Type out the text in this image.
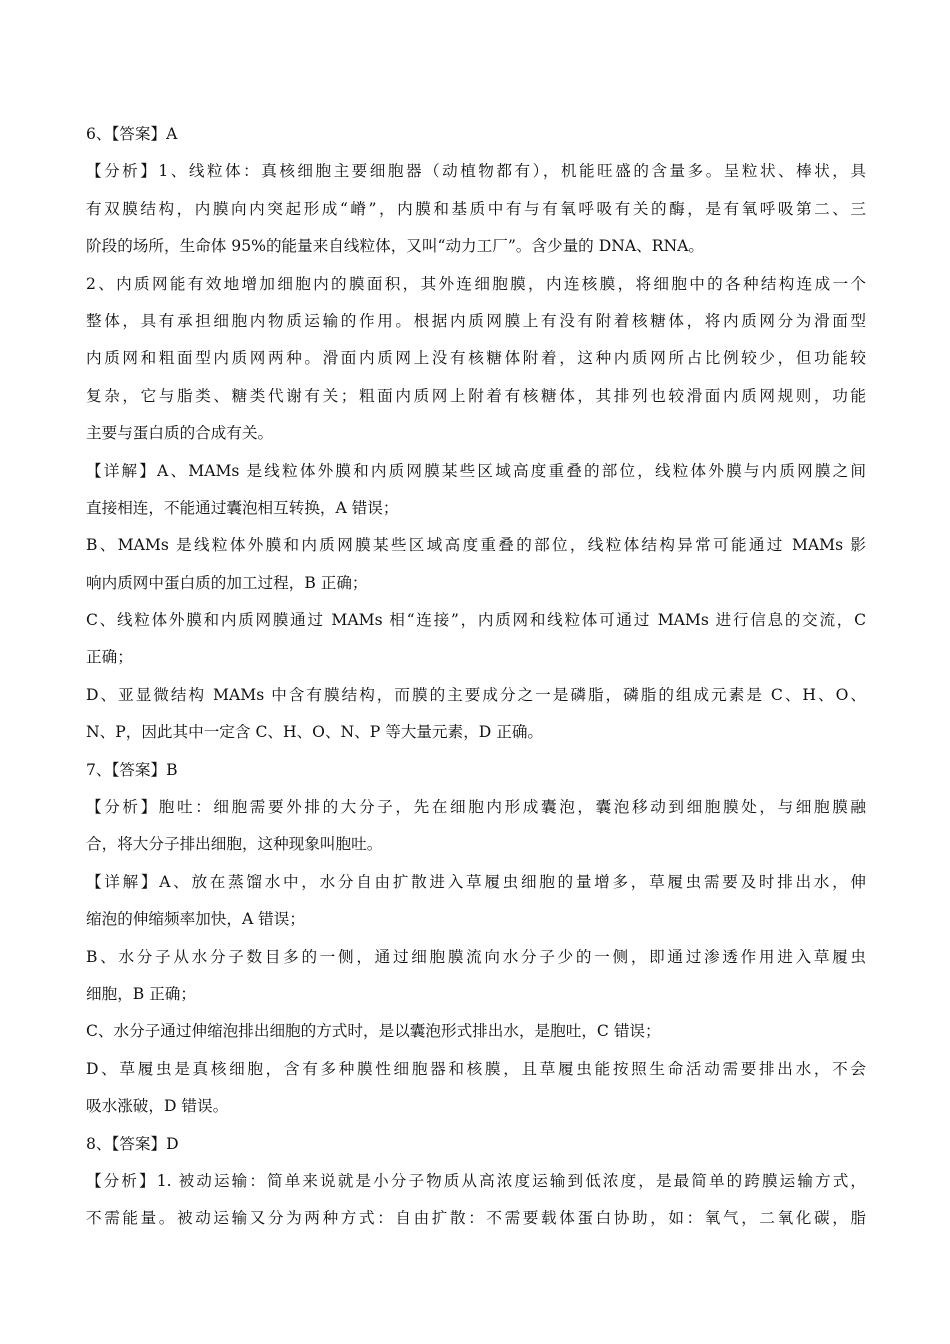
6、【答案】A
【分析】1、线粒体：真核细胞主要细胞器（动植物都有），机能旺盛的含量多。呈粒状、棒状，具
有双膜结构，内膜向内突起形成“嵴”，内膜和基质中有与有氧呼吸有关的酶，是有氧呼吸第二、三
阶段的场所，生命体 95%的能量来自线粒体，又叫“动力工厂”。含少量的 DNA、RNA。
2、内质网能有效地增加细胞内的膜面积，其外连细胞膜，内连核膜，将细胞中的各种结构连成一个
整体，具有承担细胞内物质运输的作用。根据内质网膜上有没有附着核糖体，将内质网分为滑面型
内质网和粗面型内质网两种。滑面内质网上没有核糖体附着，这种内质网所占比例较少，但功能较
复杂，它与脂类、糖类代谢有关；粗面内质网上附着有核糖体，其排列也较滑面内质网规则，功能
主要与蛋白质的合成有关。
【详解】A、MAMs 是线粒体外膜和内质网膜某些区域高度重叠的部位，线粒体外膜与内质网膜之间
直接相连，不能通过囊泡相互转换，A 错误；
B、MAMs 是线粒体外膜和内质网膜某些区域高度重叠的部位，线粒体结构异常可能通过 MAMs 影
响内质网中蛋白质的加工过程，B 正确；
C、线粒体外膜和内质网膜通过 MAMs 相“连接”，内质网和线粒体可通过 MAMs 进行信息的交流，C
正确；
D、亚显微结构 MAMs 中含有膜结构，而膜的主要成分之一是磷脂，磷脂的组成元素是 C、H、O、
N、P，因此其中一定含 C、H、O、N、P 等大量元素，D 正确。
7、【答案】B
【分析】胞吐：细胞需要外排的大分子，先在细胞内形成囊泡，囊泡移动到细胞膜处，与细胞膜融
合，将大分子排出细胞，这种现象叫胞吐。
【详解】A、放在蒸馏水中，水分自由扩散进入草履虫细胞的量增多，草履虫需要及时排出水，伸
缩泡的伸缩频率加快，A 错误；
B、水分子从水分子数目多的一侧，通过细胞膜流向水分子少的一侧，即通过渗透作用进入草履虫
细胞，B 正确；
C、水分子通过伸缩泡排出细胞的方式时，是以囊泡形式排出水，是胞吐，C 错误；
D、草履虫是真核细胞，含有多种膜性细胞器和核膜，且草履虫能按照生命活动需要排出水，不会
吸水涨破，D 错误。
8、【答案】D
【分析】1. 被动运输：简单来说就是小分子物质从高浓度运输到低浓度，是最简单的跨膜运输方式，
不需能量。被动运输又分为两种方式：自由扩散：不需要载体蛋白协助，如：氧气，二氧化碳，脂
